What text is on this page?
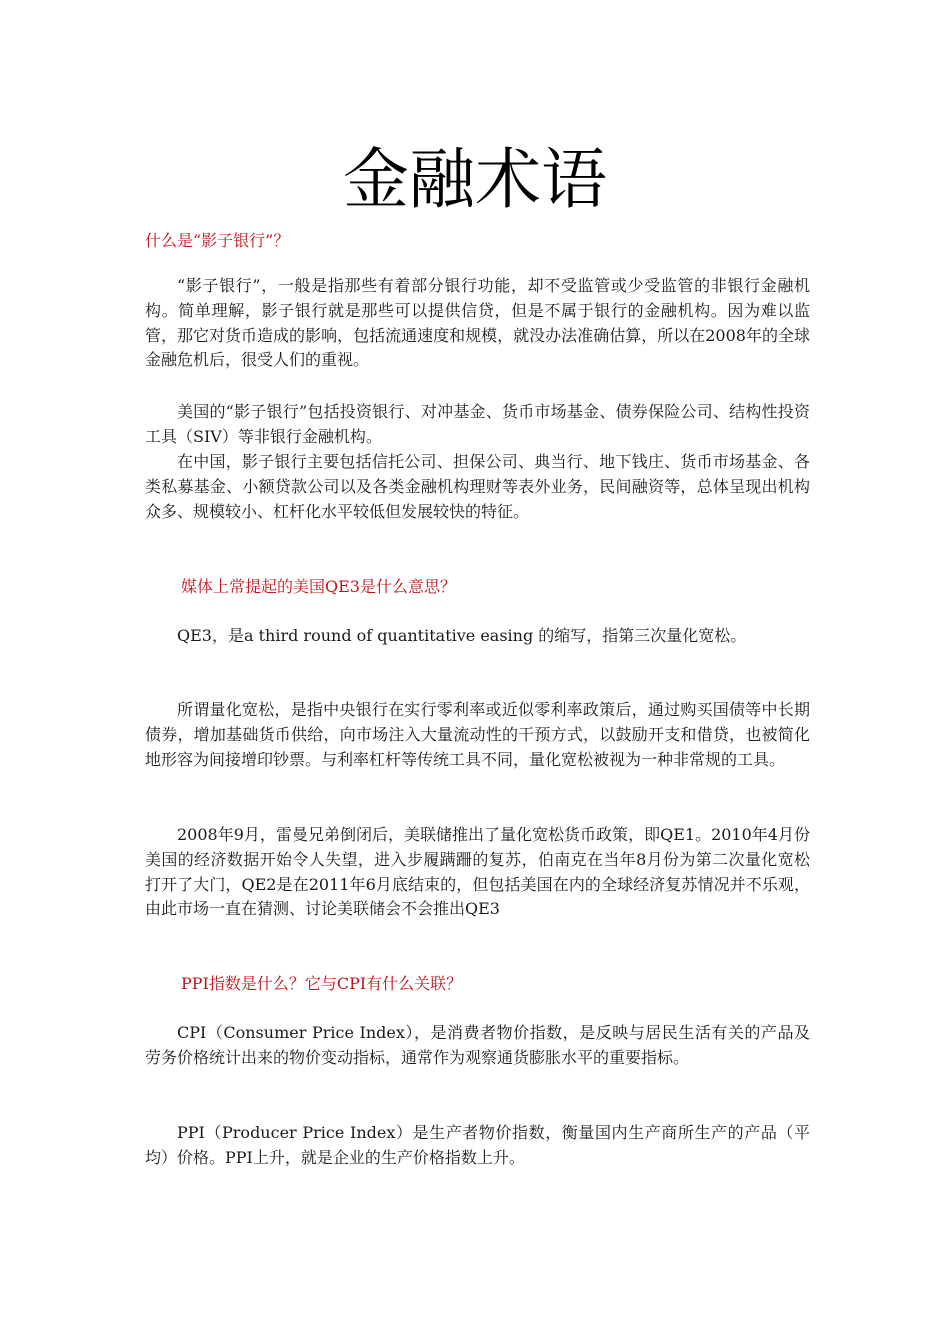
金融术语
什么是“影子银行”？

“影子银行”，一般是指那些有着部分银行功能，却不受监管或少受监管的非银行金融机构。简单理解，影子银行就是那些可以提供信贷，但是不属于银行的金融机构。因为难以监管，那它对货币造成的影响，包括流通速度和规模，就没办法准确估算，所以在2008年的全球金融危机后，很受人们的重视。

美国的“影子银行”包括投资银行、对冲基金、货币市场基金、债券保险公司、结构性投资工具（SIV）等非银行金融机构。

在中国，影子银行主要包括信托公司、担保公司、典当行、地下钱庄、货币市场基金、各类私募基金、小额贷款公司以及各类金融机构理财等表外业务，民间融资等，总体呈现出机构众多、规模较小、杠杆化水平较低但发展较快的特征。

媒体上常提起的美国QE3是什么意思？

QE3，是a third round of quantitative easing 的缩写，指第三次量化宽松。

所谓量化宽松，是指中央银行在实行零利率或近似零利率政策后，通过购买国债等中长期债券，增加基础货币供给，向市场注入大量流动性的干预方式，以鼓励开支和借贷，也被简化地形容为间接增印钞票。与利率杠杆等传统工具不同，量化宽松被视为一种非常规的工具。

2008年9月，雷曼兄弟倒闭后，美联储推出了量化宽松货币政策，即QE1。2010年4月份美国的经济数据开始令人失望，进入步履蹒跚的复苏，伯南克在当年8月份为第二次量化宽松打开了大门，QE2是在2011年6月底结束的，但包括美国在内的全球经济复苏情况并不乐观，由此市场一直在猜测、讨论美联储会不会推出QE3

PPI指数是什么？它与CPI有什么关联？

CPI（Consumer Price Index），是消费者物价指数，是反映与居民生活有关的产品及劳务价格统计出来的物价变动指标，通常作为观察通货膨胀水平的重要指标。

PPI（Producer Price Index）是生产者物价指数，衡量国内生产商所生产的产品（平均）价格。PPI上升，就是企业的生产价格指数上升。
